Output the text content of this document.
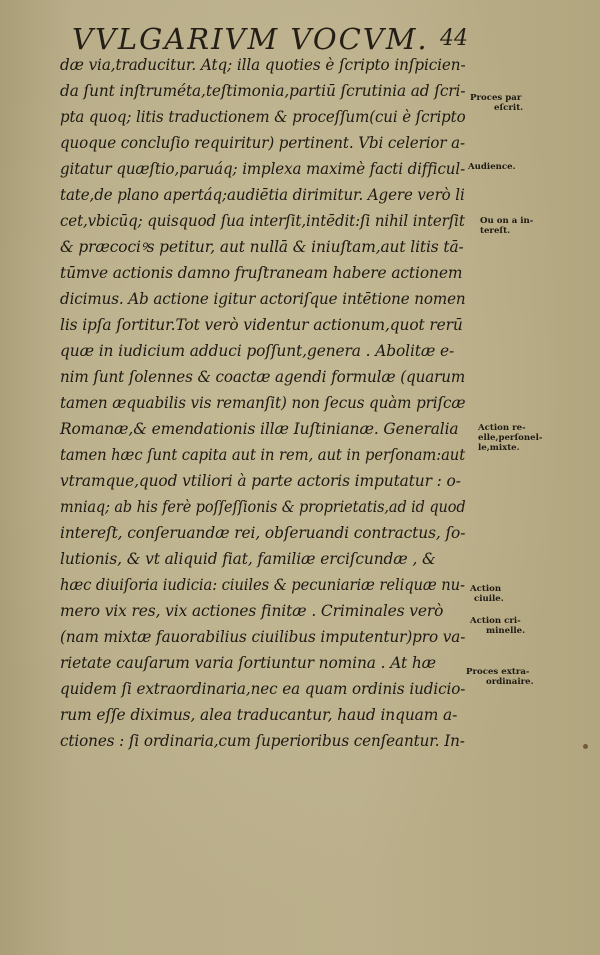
VVLGARIVM VOCVM. 44
dæ via,traducitur. Atq; illa quoties è ſcripto inſpicien-
da ſunt inſtruméta,teſtimonia,partiū ſcrutinia ad ſcri-
pta quoq; litis traductionem & proceſſum(cui è ſcripto
quoque concluſio requiritur) pertinent. Vbi celerior a-
gitatur quæſtio,paruáq; implexa maximè facti difficul-
tate,de plano apertáq;audiētia dirimitur. Agere verò li
cet,vbicūq; quisquod ſua interſit,intēdit:ſi nihil interſit
& præcociꝰs petitur, aut nullā & iniuſtam,aut litis tā-
tūmve actionis damno fruſtraneam habere actionem
dicimus. Ab actione igitur actoriſque intētione nomen
lis ipſa ſortitur.Tot verò videntur actionum,quot rerū
quæ in iudicium adduci poſſunt,genera . Abolitæ e-
nim ſunt ſolennes & coactæ agendi formulæ (quarum
tamen æquabilis vis remanſit) non ſecus quàm priſcæ
Romanæ,& emendationis illæ Iuſtinianæ. Generalia
tamen hæc ſunt capita aut in rem, aut in perſonam:aut
vtramque,quod vtiliori à parte actoris imputatur : o-
mniaq; ab his ferè poſſeſſionis & proprietatis,ad id quod
intereſt, conſeruandæ rei, obſeruandi contractus, ſo-
lutionis, & vt aliquid fiat, familiæ erciſcundæ , &
hæc diuiſoria iudicia: ciuiles & pecuniariæ reliquæ nu-
mero vix res, vix actiones finitæ . Criminales verò
(nam mixtæ fauorabilius ciuilibus imputentur)pro va-
rietate cauſarum varia ſortiuntur nomina . At hæ
quidem ſi extraordinaria,nec ea quam ordinis iudicio-
rum eſſe diximus, alea traducantur, haud inquam a-
ctiones : ſi ordinaria,cum ſuperioribus cenſeantur. In-
Proces par
eſcrit.
Audience.
Ou on a in-
tereſt.
Action re-
elle,perſonel-
le,mixte.
Action
ciuile.
Action cri-
minelle.
Proces extra-
ordinaire.
